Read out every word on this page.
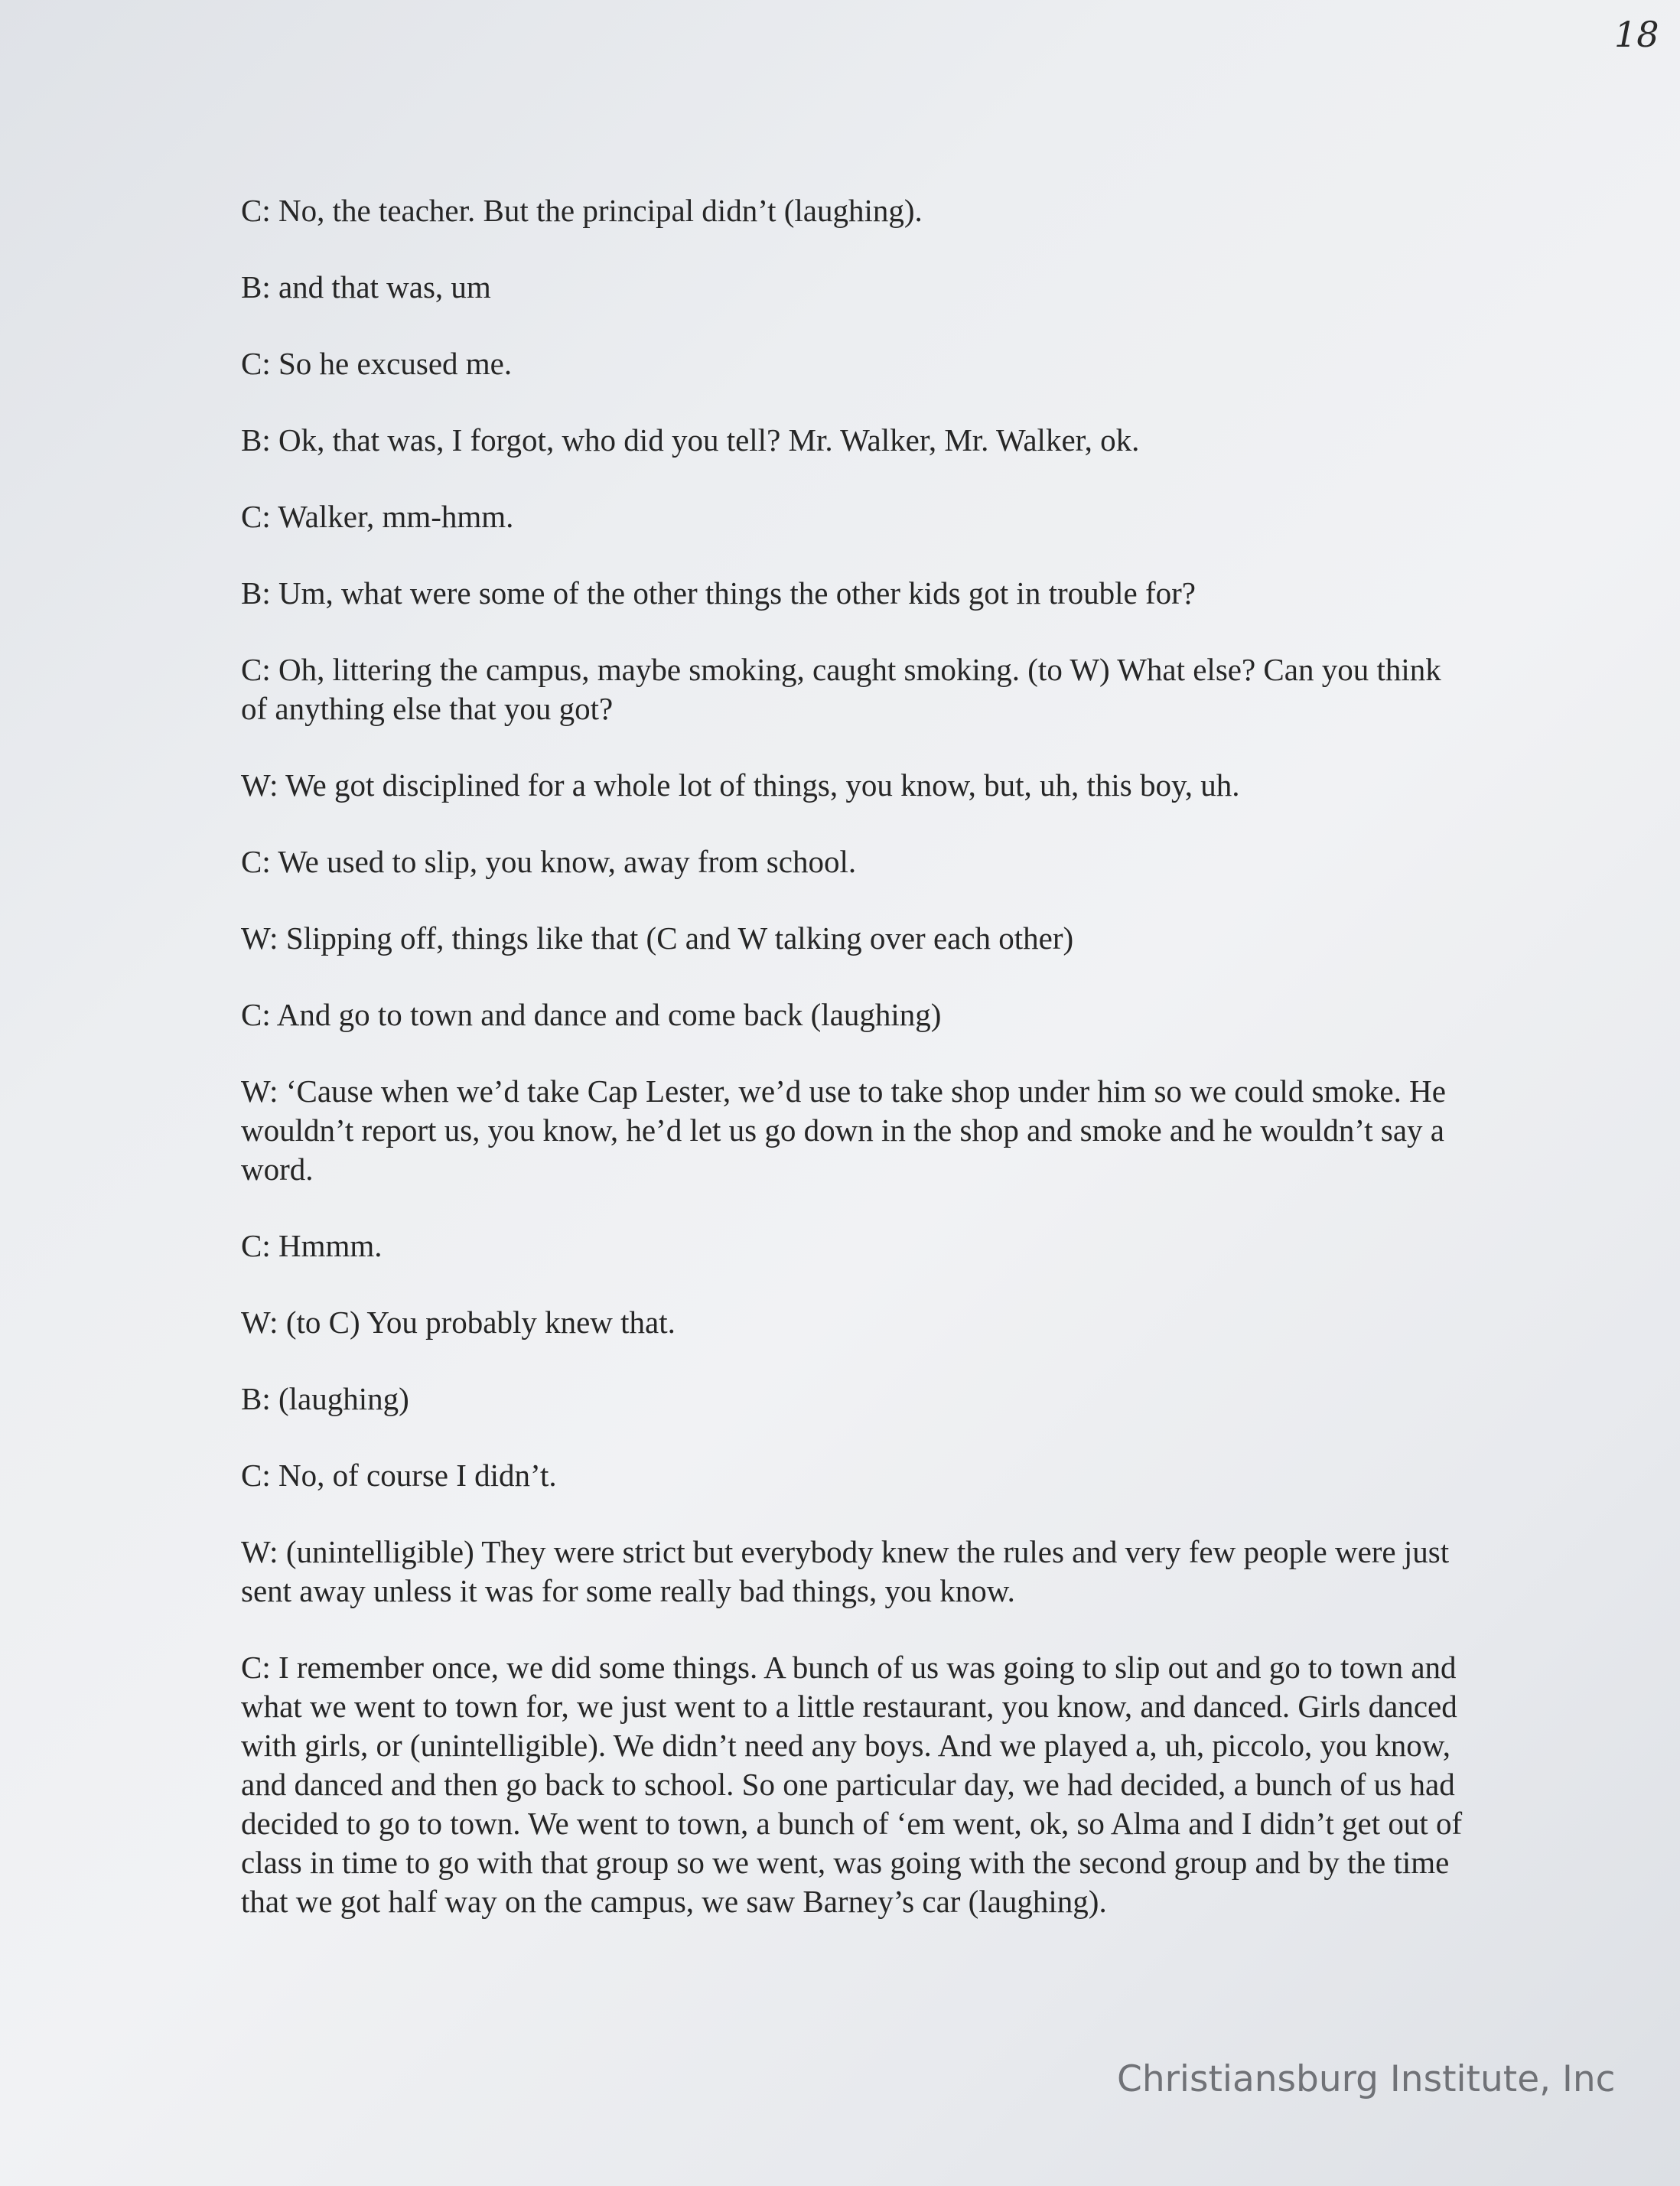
18

C: No, the teacher. But the principal didn’t (laughing).

B: and that was, um

C: So he excused me.

B: Ok, that was, I forgot, who did you tell? Mr. Walker, Mr. Walker, ok.

C: Walker, mm-hmm.

B: Um, what were some of the other things the other kids got in trouble for?

C: Oh, littering the campus, maybe smoking, caught smoking. (to W) What else? Can you think of anything else that you got?

W: We got disciplined for a whole lot of things, you know, but, uh, this boy, uh.

C: We used to slip, you know, away from school.

W: Slipping off, things like that (C and W talking over each other)

C: And go to town and dance and come back (laughing)

W: ‘Cause when we’d take Cap Lester, we’d use to take shop under him so we could smoke. He wouldn’t report us, you know, he’d let us go down in the shop and smoke and he wouldn’t say a word.

C: Hmmm.

W: (to C) You probably knew that.

B: (laughing)

C: No, of course I didn’t.

W: (unintelligible) They were strict but everybody knew the rules and very few people were just sent away unless it was for some really bad things, you know.

C: I remember once, we did some things. A bunch of us was going to slip out and go to town and what we went to town for, we just went to a little restaurant, you know, and danced. Girls danced with girls, or (unintelligible). We didn’t need any boys. And we played a, uh, piccolo, you know, and danced and then go back to school. So one particular day, we had decided, a bunch of us had decided to go to town. We went to town, a bunch of ‘em went, ok, so Alma and I didn’t get out of class in time to go with that group so we went, was going with the second group and by the time that we got half way on the campus, we saw Barney’s car (laughing).

Christiansburg Institute, Inc
